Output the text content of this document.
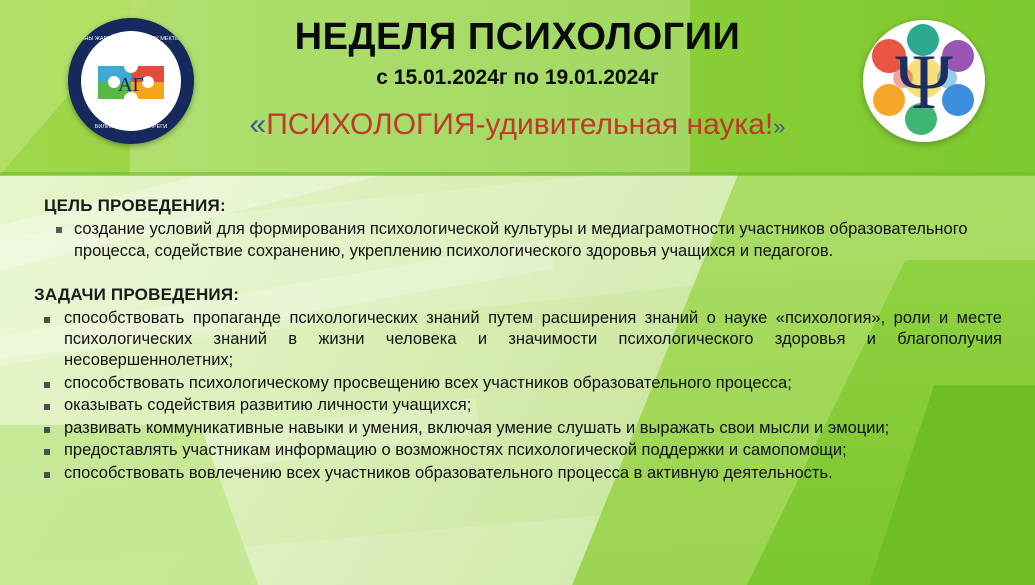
АГ
ЖАНЫ ЖАРЫК БОЛУП БЕРЕТУ МЕКТЕБИ
БИЛИМ - КЕЛЕЧЕК ТИРЕГИ
НЕДЕЛЯ ПСИХОЛОГИИ
с 15.01.2024г по 19.01.2024г
«ПСИХОЛОГИЯ-удивительная наука!»
Ψ
ЦЕЛЬ ПРОВЕДЕНИЯ:
создание условий для формирования психологической культуры и медиаграмотности участников образовательного процесса, содействие сохранению, укреплению психологического здоровья учащихся и педагогов.
ЗАДАЧИ ПРОВЕДЕНИЯ:
способствовать пропаганде психологических знаний путем расширения знаний о науке «психология», роли и месте психологических знаний в жизни человека и значимости психологического здоровья и благополучия несовершеннолетних;
способствовать психологическому просвещению всех участников образовательного процесса;
оказывать содействия развитию личности учащихся;
развивать коммуникативные навыки и умения, включая умение слушать и выражать свои мысли и эмоции;
предоставлять участникам информацию о возможностях психологической поддержки и самопомощи;
способствовать вовлечению всех участников образовательного процесса в активную деятельность.
